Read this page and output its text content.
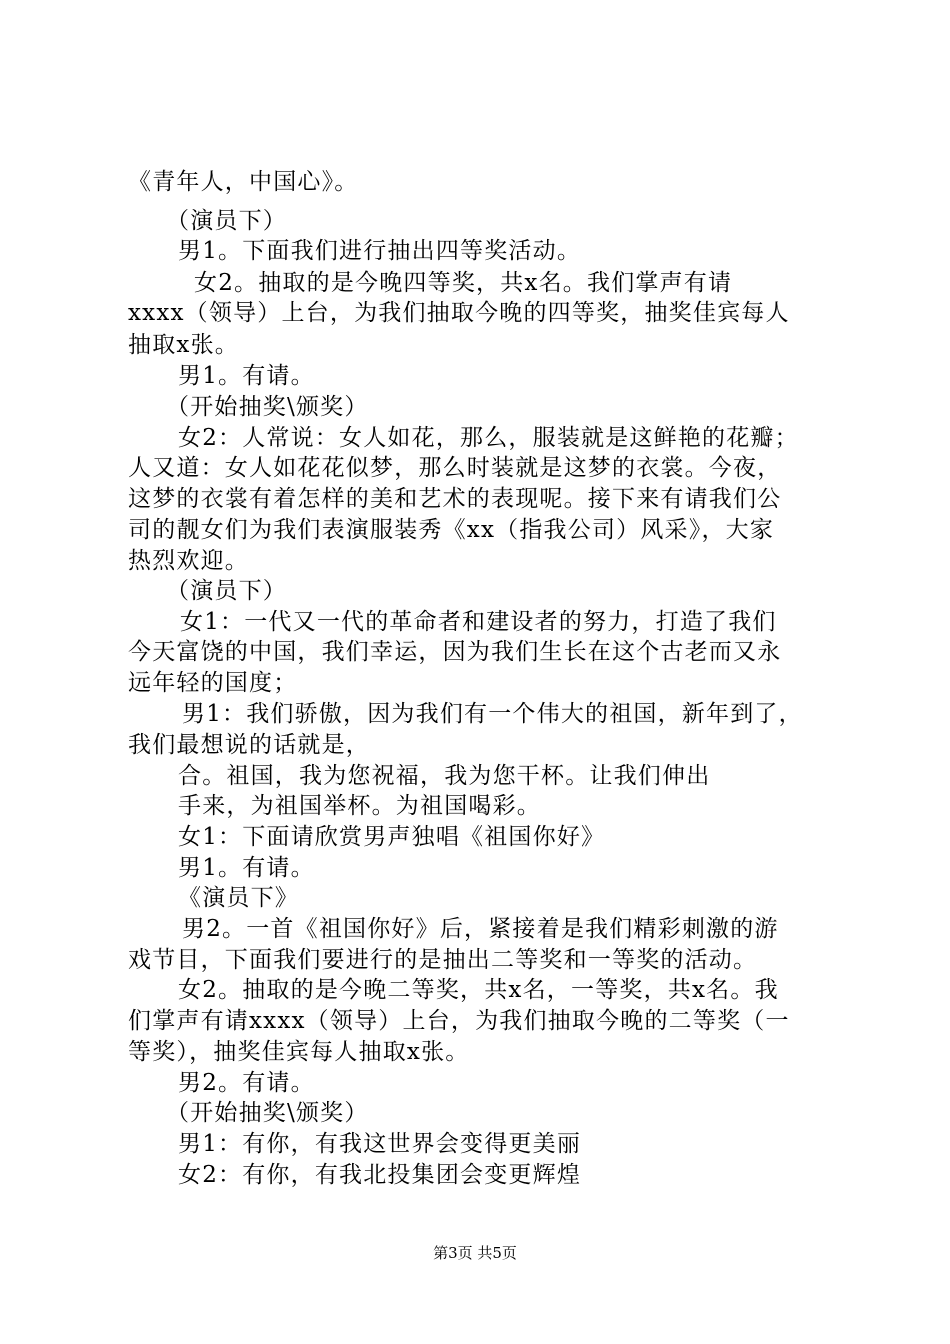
《青年人，中国心》。
（演员下）
男1。下面我们进行抽出四等奖活动。
女2。抽取的是今晚四等奖，共x名。我们掌声有请
xxxx（领导）上台，为我们抽取今晚的四等奖，抽奖佳宾每人
抽取x张。
男1。有请。
（开始抽奖\颁奖）
女2：人常说：女人如花，那么，服装就是这鲜艳的花瓣；
人又道：女人如花花似梦，那么时装就是这梦的衣裳。今夜，
这梦的衣裳有着怎样的美和艺术的表现呢。接下来有请我们公
司的靓女们为我们表演服装秀《xx（指我公司）风采》，大家
热烈欢迎。
（演员下）
女1：一代又一代的革命者和建设者的努力，打造了我们
今天富饶的中国，我们幸运，因为我们生长在这个古老而又永
远年轻的国度；
男1：我们骄傲，因为我们有一个伟大的祖国，新年到了，
我们最想说的话就是，
合。祖国，我为您祝福，我为您干杯。让我们伸出
手来，为祖国举杯。为祖国喝彩。
女1：下面请欣赏男声独唱《祖国你好》
男1。有请。
《演员下》
男2。一首《祖国你好》后，紧接着是我们精彩刺激的游
戏节目，下面我们要进行的是抽出二等奖和一等奖的活动。
女2。抽取的是今晚二等奖，共x名，一等奖，共x名。我
们掌声有请xxxx（领导）上台，为我们抽取今晚的二等奖（一
等奖），抽奖佳宾每人抽取x张。
男2。有请。
（开始抽奖\颁奖）
男1：有你，有我这世界会变得更美丽
女2：有你，有我北投集团会变更辉煌
第3页 共5页
